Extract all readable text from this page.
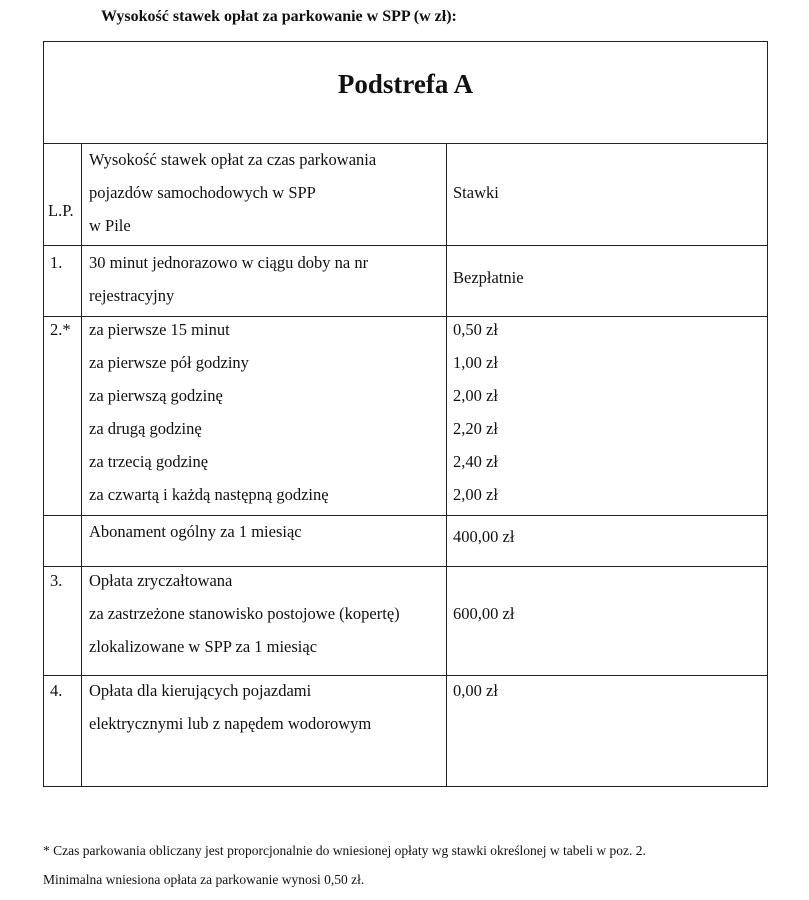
Wysokość stawek opłat za parkowanie w SPP (w zł):
Podstrefa A
L.P.
Wysokość stawek opłat za czas parkowania
pojazdów samochodowych w SPP
w Pile
Stawki
1. 30 minut jednorazowo w ciągu doby na nr
rejestracyjny
Bezpłatnie
2.* za pierwsze 15 minut
za pierwsze pół godziny
za pierwszą godzinę
za drugą godzinę
za trzecią godzinę
za czwartą i każdą następną godzinę
0,50 zł
1,00 zł
2,00 zł
2,20 zł
2,40 zł
2,00 zł
Abonament ogólny za 1 miesiąc	400,00 zł
3. Opłata zryczałtowana
za zastrzeżone stanowisko postojowe (kopertę)
zlokalizowane w SPP za 1 miesiąc
600,00 zł
4. Opłata dla kierujących pojazdami
elektrycznymi lub z napędem wodorowym
0,00 zł
* Czas parkowania obliczany jest proporcjonalnie do wniesionej opłaty wg stawki określonej w tabeli w poz. 2.
Minimalna wniesiona opłata za parkowanie wynosi 0,50 zł.
